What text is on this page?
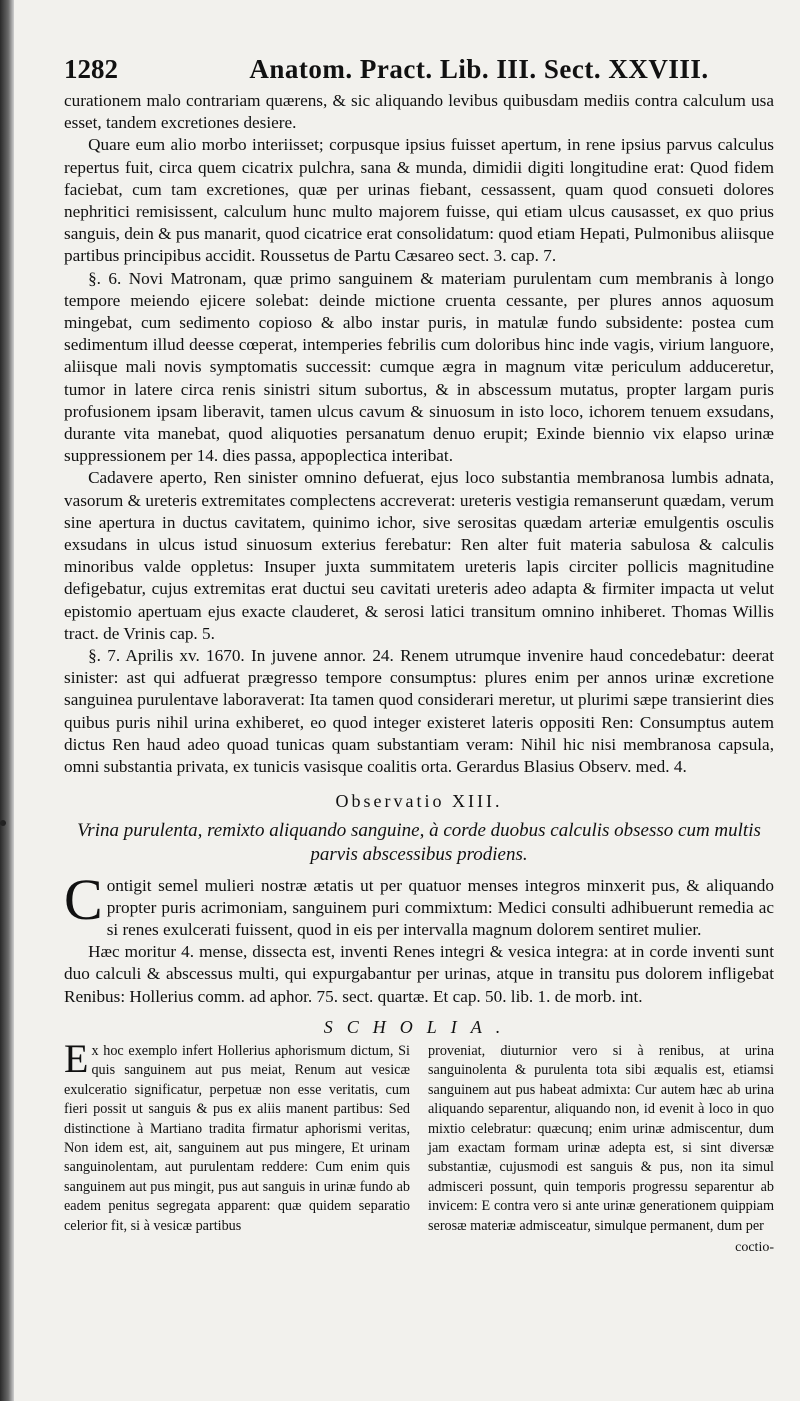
1282	Anatom. Pract. Lib. III. Sect. XXVIII.

curationem malo contrariam quærens, & sic aliquando levibus quibusdam mediis contra calculum usa esset, tandem excretiones desiere.

Quare eum alio morbo interiisset; corpusque ipsius fuisset apertum, in rene ipsius parvus calculus repertus fuit, circa quem cicatrix pulchra, sana & munda, dimidii digiti longitudine erat: Quod fidem faciebat, cum tam excretiones, quæ per urinas fiebant, cessassent, quam quod consueti dolores nephritici remisissent, calculum hunc multo majorem fuisse, qui etiam ulcus causasset, ex quo prius sanguis, dein & pus manarit, quod cicatrice erat consolidatum: quod etiam Hepati, Pulmonibus aliisque partibus principibus accidit. Roussetus de Partu Cæsareo sect. 3. cap. 7.

§. 6. Novi Matronam, quæ primo sanguinem & materiam purulentam cum membranis à longo tempore meiendo ejicere solebat: deinde mictione cruenta cessante, per plures annos aquosum mingebat, cum sedimento copioso & albo instar puris, in matulæ fundo subsidente: postea cum sedimentum illud deesse cœperat, intemperies febrilis cum doloribus hinc inde vagis, virium languore, aliisque mali novis symptomatis successit: cumque ægra in magnum vitæ periculum adduceretur, tumor in latere circa renis sinistri situm subortus, & in abscessum mutatus, propter largam puris profusionem ipsam liberavit, tamen ulcus cavum & sinuosum in isto loco, ichorem tenuem exsudans, durante vita manebat, quod aliquoties persanatum denuo erupit; Exinde biennio vix elapso urinæ suppressionem per 14. dies passa, appoplectica interibat.

Cadavere aperto, Ren sinister omnino defuerat, ejus loco substantia membranosa lumbis adnata, vasorum & ureteris extremitates complectens accreverat: ureteris vestigia remanserunt quædam, verum sine apertura in ductus cavitatem, quinimo ichor, sive serositas quædam arteriæ emulgentis osculis exsudans in ulcus istud sinuosum exterius ferebatur: Ren alter fuit materia sabulosa & calculis minoribus valde oppletus: Insuper juxta summitatem ureteris lapis circiter pollicis magnitudine defigebatur, cujus extremitas erat ductui seu cavitati ureteris adeo adapta & firmiter impacta ut velut epistomio apertuam ejus exacte clauderet, & serosi latici transitum omnino inhiberet. Thomas Willis tract. de Vrinis cap. 5.

§. 7. Aprilis xv. 1670. In juvene annor. 24. Renem utrumque invenire haud concedebatur: deerat sinister: ast qui adfuerat prægresso tempore consumptus: plures enim per annos urinæ excretione sanguinea purulentave laboraverat: Ita tamen quod considerari meretur, ut plurimi sæpe transierint dies quibus puris nihil urina exhiberet, eo quod integer existeret lateris oppositi Ren: Consumptus autem dictus Ren haud adeo quoad tunicas quam substantiam veram: Nihil hic nisi membranosa capsula, omni substantia privata, ex tunicis vasisque coalitis orta. Gerardus Blasius Observ. med. 4.

Observatio XIII.
Vrina purulenta, remixto aliquando sanguine, à corde duobus calculis obsesso cum multis parvis abscessibus prodiens.

C ontigit semel mulieri nostræ ætatis ut per quatuor menses integros minxerit pus, & aliquando propter puris acrimoniam, sanguinem puri commixtum: Medici consulti adhibuerunt remedia ac si renes exulcerati fuissent, quod in eis per intervalla magnum dolorem sentiret mulier.

Hæc moritur 4. mense, dissecta est, inventi Renes integri & vesica integra: at in corde inventi sunt duo calculi & abscessus multi, qui expurgabantur per urinas, atque in transitu pus dolorem infligebat Renibus: Hollerius comm. ad aphor. 75. sect. quartæ. Et cap. 50. lib. 1. de morb. int.

SCHOLIA.

E x hoc exemplo infert Hollerius aphorismum dictum, Si quis sanguinem aut pus meiat, Renum aut vesicæ exulceratio significatur, perpetuæ non esse veritatis, cum fieri possit ut sanguis & pus ex aliis manent partibus: Sed distinctione à Martiano tradita firmatur aphorismi veritas, Non idem est, ait, sanguinem aut pus mingere, Et urinam sanguinolentam, aut purulentam reddere: Cum enim quis sanguinem aut pus mingit, pus aut sanguis in urinæ fundo ab eadem penitus segregata apparent: quæ quidem separatio celerior fit, si à vesicæ partibus

proveniat, diuturnior vero si à renibus, at urina sanguinolenta & purulenta tota sibi æqualis est, etiamsi sanguinem aut pus habeat admixta: Cur autem hæc ab urina aliquando separentur, aliquando non, id evenit à loco in quo mixtio celebratur: quæcunq; enim urinæ admiscentur, dum jam exactam formam urinæ adepta est, si sint diversæ substantiæ, cujusmodi est sanguis & pus, non ita simul admisceri possunt, quin temporis progressu separentur ab invicem: E contra vero si ante urinæ generationem quippiam serosæ materiæ admisceatur, simulque permanent, dum per

coctio-
